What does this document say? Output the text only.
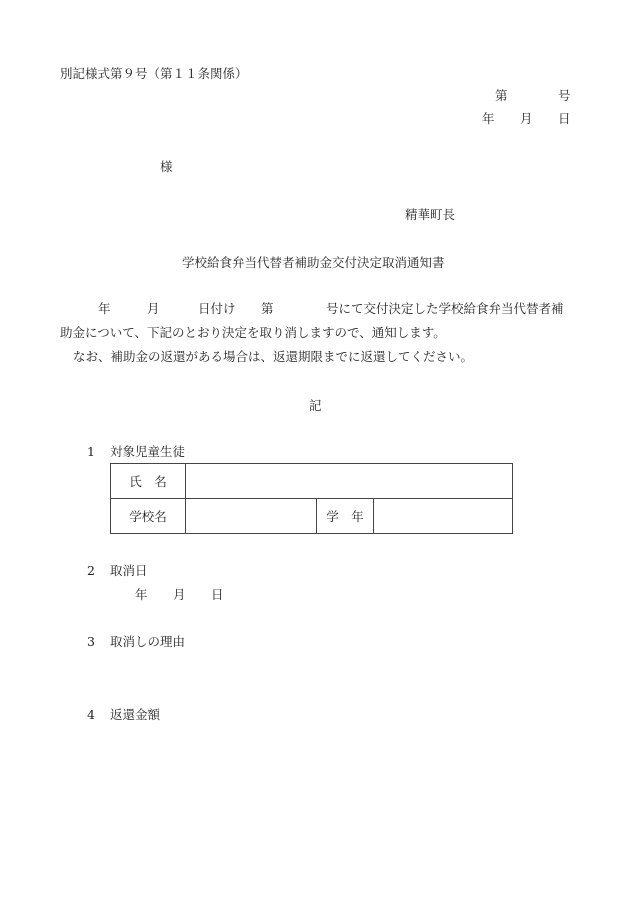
別記様式第９号（第１１条関係）
第	号
年 月 日
様
精華町長
学校給食弁当代替者補助金交付決定取消通知書
年	月	日付け 第	号にて交付決定した学校給食弁当代替者補
助金について、下記のとおり決定を取り消しますので、通知します。
なお、補助金の返還がある場合は、返還期限までに返還してください。
記
1 対象児童生徒
氏　名			
学校名		学　年	
2 取消日
年 月 日
3 取消しの理由
4 返還金額
